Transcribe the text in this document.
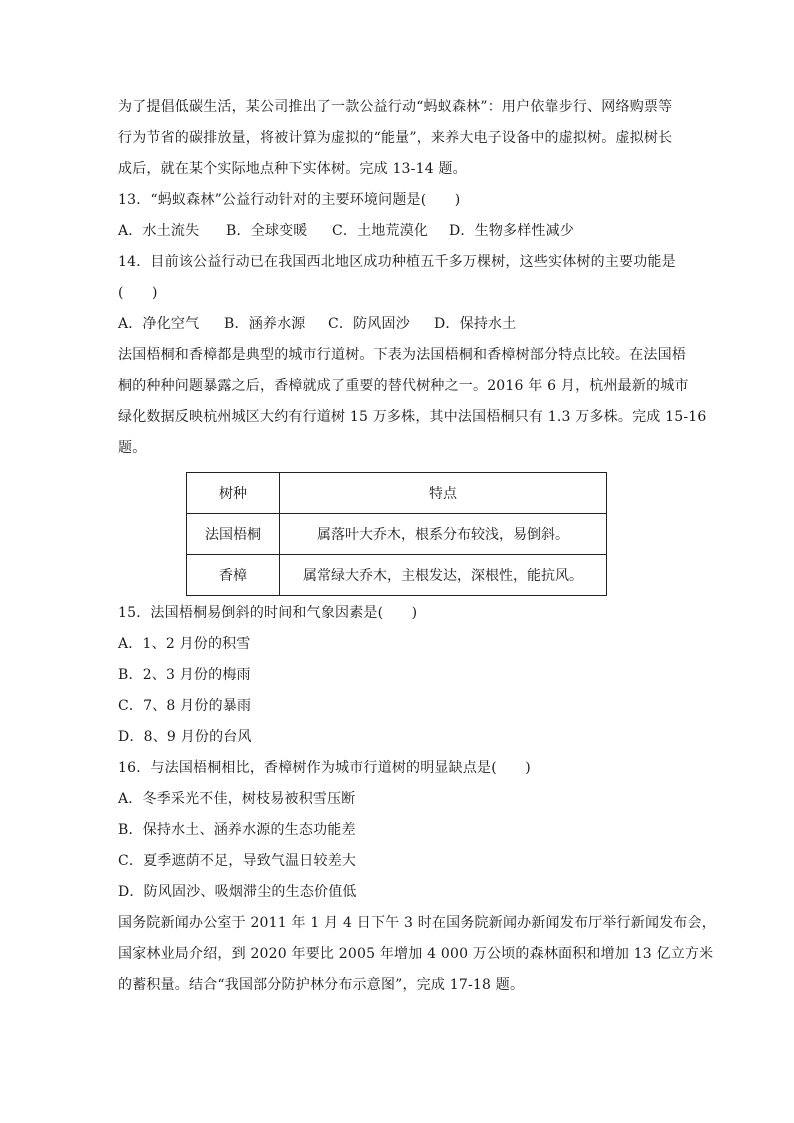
为了提倡低碳生活，某公司推出了一款公益行动“蚂蚁森林”：用户依靠步行、网络购票等
行为节省的碳排放量，将被计算为虚拟的“能量”，来养大电子设备中的虚拟树。虚拟树长
成后，就在某个实际地点种下实体树。完成 13-14 题。
13．“蚂蚁森林”公益行动针对的主要环境问题是(　　)
A．水土流失	B．全球变暖	C．土地荒漠化	D．生物多样性减少
14．目前该公益行动已在我国西北地区成功种植五千多万棵树，这些实体树的主要功能是
(　　)
A．净化空气	B．涵养水源	C．防风固沙	D．保持水土
法国梧桐和香樟都是典型的城市行道树。下表为法国梧桐和香樟树部分特点比较。在法国梧
桐的种种问题暴露之后，香樟就成了重要的替代树种之一。2016 年 6 月，杭州最新的城市
绿化数据反映杭州城区大约有行道树 15 万多株，其中法国梧桐只有 1.3 万多株。完成 15-16
题。
树种	特点
法国梧桐	属落叶大乔木，根系分布较浅，易倒斜。
香樟	属常绿大乔木，主根发达，深根性，能抗风。
15．法国梧桐易倒斜的时间和气象因素是(　　)
A．1、2 月份的积雪
B．2、3 月份的梅雨
C．7、8 月份的暴雨
D．8、9 月份的台风
16．与法国梧桐相比，香樟树作为城市行道树的明显缺点是(　　)
A．冬季采光不佳，树枝易被积雪压断
B．保持水土、涵养水源的生态功能差
C．夏季遮荫不足，导致气温日较差大
D．防风固沙、吸烟滞尘的生态价值低
国务院新闻办公室于 2011 年 1 月 4 日下午 3 时在国务院新闻办新闻发布厅举行新闻发布会，
国家林业局介绍，到 2020 年要比 2005 年增加 4 000 万公顷的森林面积和增加 13 亿立方米
的蓄积量。结合“我国部分防护林分布示意图”，完成 17-18 题。
